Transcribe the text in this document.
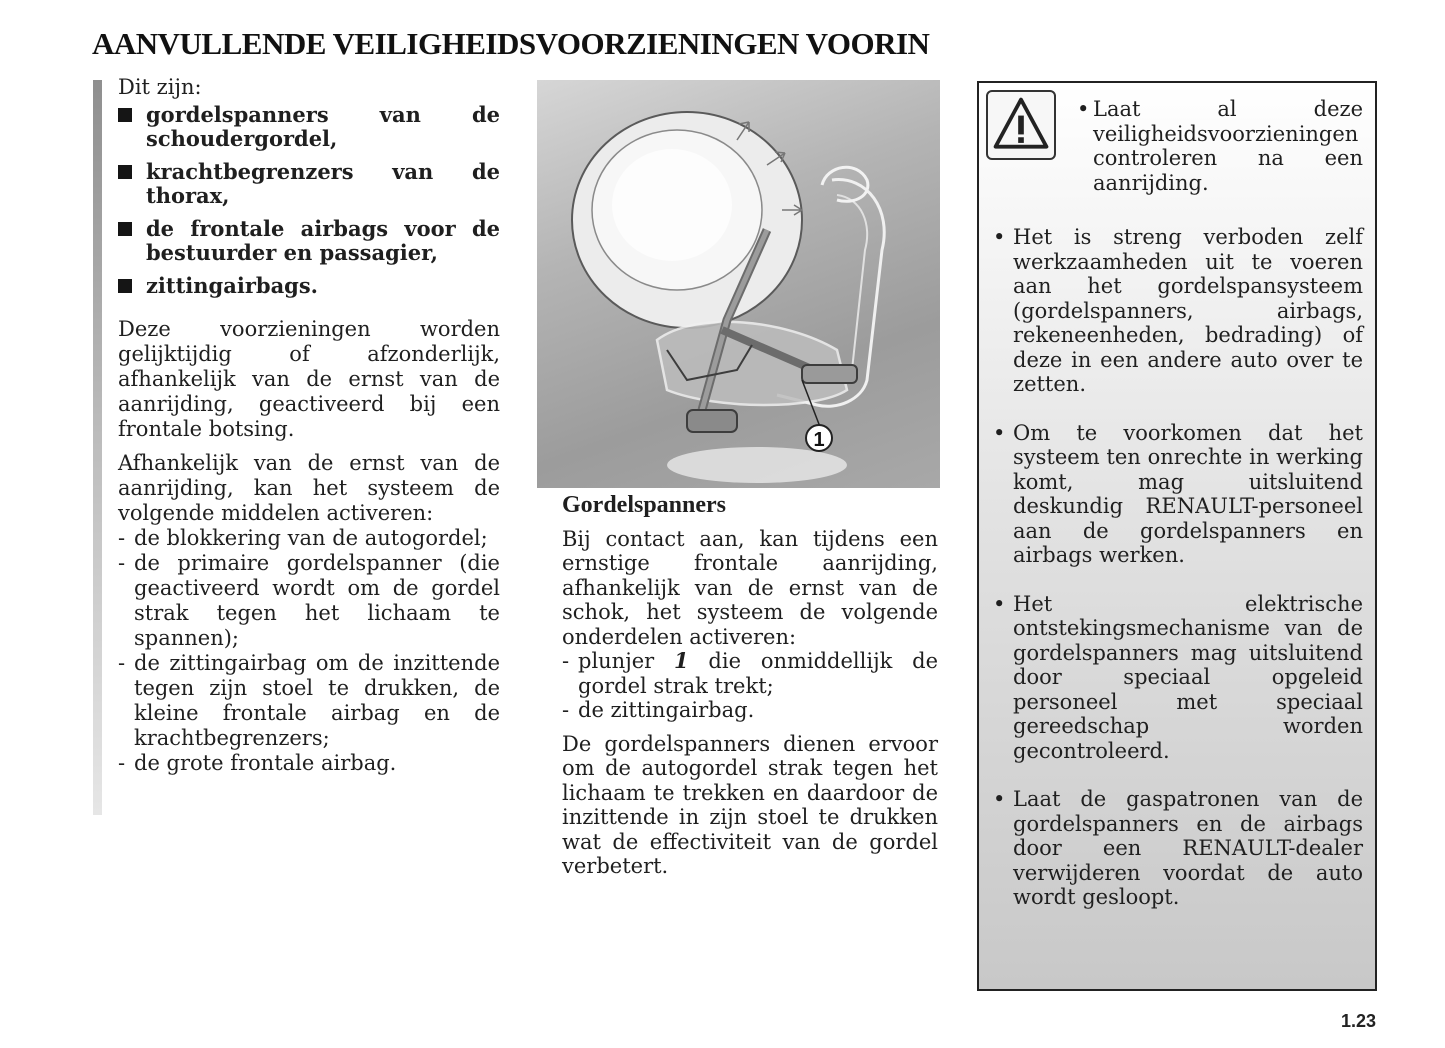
AANVULLENDE VEILIGHEIDSVOORZIENINGEN VOORIN

Dit zijn:

gordelspanners van de schoudergordel,
krachtbegrenzers van de thorax,
de frontale airbags voor de bestuurder en passagier,
zittingairbags.

Deze voorzieningen worden gelijktijdig of afzonderlijk, afhankelijk van de ernst van de aanrijding, geactiveerd bij een frontale botsing.

Afhankelijk van de ernst van de aanrijding, kan het systeem de volgende middelen activeren:

- de blokkering van de autogordel;
- de primaire gordelspanner (die geactiveerd wordt om de gordel strak tegen het lichaam te spannen);
- de zittingairbag om de inzittende tegen zijn stoel te drukken, de kleine frontale airbag en de krachtbegrenzers;
- de grote frontale airbag.
1
Gordelspanners

Bij contact aan, kan tijdens een ernstige frontale aanrijding, afhankelijk van de ernst van de schok, het systeem de volgende onderdelen activeren:

- plunjer 1 die onmiddellijk de gordel strak trekt;
- de zittingairbag.

De gordelspanners dienen ervoor om de autogordel strak tegen het lichaam te trekken en daardoor de inzittende in zijn stoel te drukken wat de effectiviteit van de gordel verbetert.

• Laat al deze veiligheidsvoorzieningen controleren na een aanrijding.
• Het is streng verboden zelf werkzaamheden uit te voeren aan het gordelspansysteem (gordelspanners, airbags, rekeneenheden, bedrading) of deze in een andere auto over te zetten.
• Om te voorkomen dat het systeem ten onrechte in werking komt, mag uitsluitend deskundig RENAULT-personeel aan de gordelspanners en airbags werken.
• Het elektrische ontstekingsmechanisme van de gordelspanners mag uitsluitend door speciaal opgeleid personeel met speciaal gereedschap worden gecontroleerd.
• Laat de gaspatronen van de gordelspanners en de airbags door een RENAULT-dealer verwijderen voordat de auto wordt gesloopt.
1.23
